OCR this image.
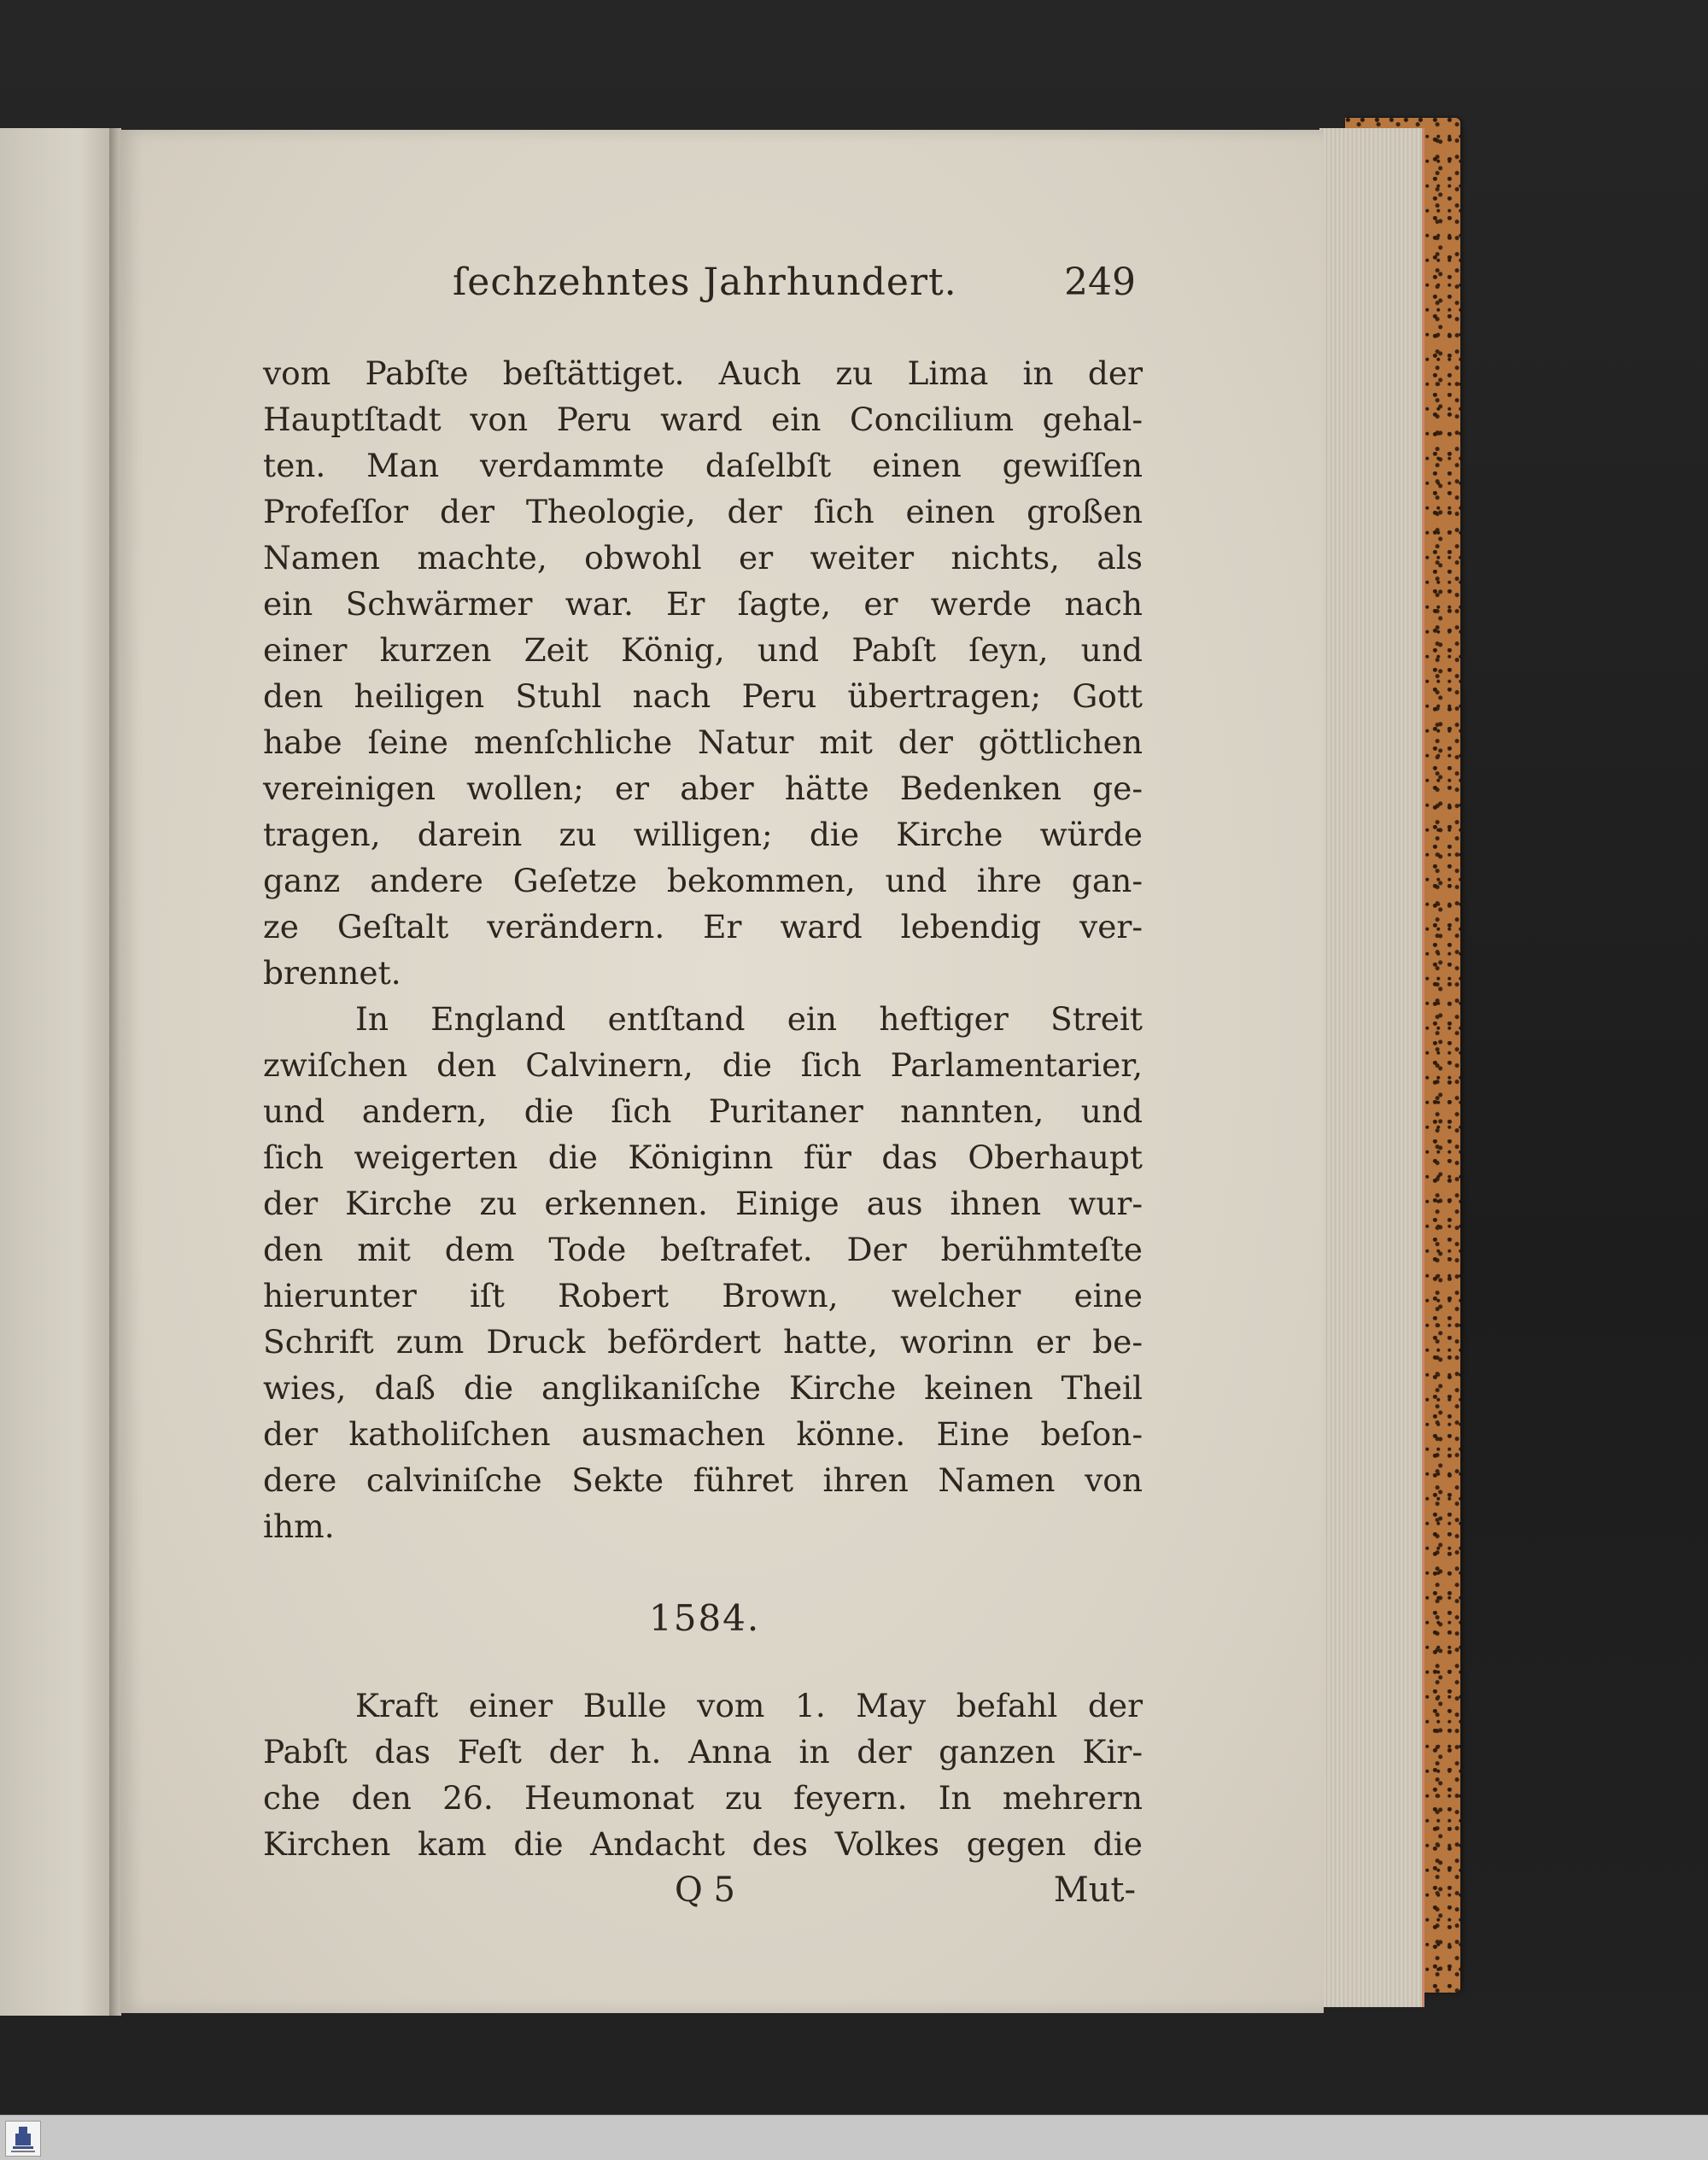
ſechzehntes Jahrhundert.	249
vom Pabſte beſtättiget. Auch zu Lima in der
Hauptſtadt von Peru ward ein Concilium gehal-
ten. Man verdammte daſelbſt einen gewiſſen
Profeſſor der Theologie, der ſich einen großen
Namen machte, obwohl er weiter nichts, als
ein Schwärmer war. Er ſagte, er werde nach
einer kurzen Zeit König, und Pabſt ſeyn, und
den heiligen Stuhl nach Peru übertragen; Gott
habe ſeine menſchliche Natur mit der göttlichen
vereinigen wollen; er aber hätte Bedenken ge-
tragen, darein zu willigen; die Kirche würde
ganz andere Geſetze bekommen, und ihre gan-
ze Geſtalt verändern. Er ward lebendig ver-
brennet.
In England entſtand ein heftiger Streit
zwiſchen den Calvinern, die ſich Parlamentarier,
und andern, die ſich Puritaner nannten, und
ſich weigerten die Königinn für das Oberhaupt
der Kirche zu erkennen. Einige aus ihnen wur-
den mit dem Tode beſtrafet. Der berühmteſte
hierunter iſt Robert Brown, welcher eine
Schrift zum Druck befördert hatte, worinn er be-
wies, daß die anglikaniſche Kirche keinen Theil
der katholiſchen ausmachen könne. Eine beſon-
dere calviniſche Sekte führet ihren Namen von
ihm.
1584.
Kraft einer Bulle vom 1. May befahl der
Pabſt das Feſt der h. Anna in der ganzen Kir-
che den 26. Heumonat zu feyern. In mehrern
Kirchen kam die Andacht des Volkes gegen die
Q 5	Mut-
